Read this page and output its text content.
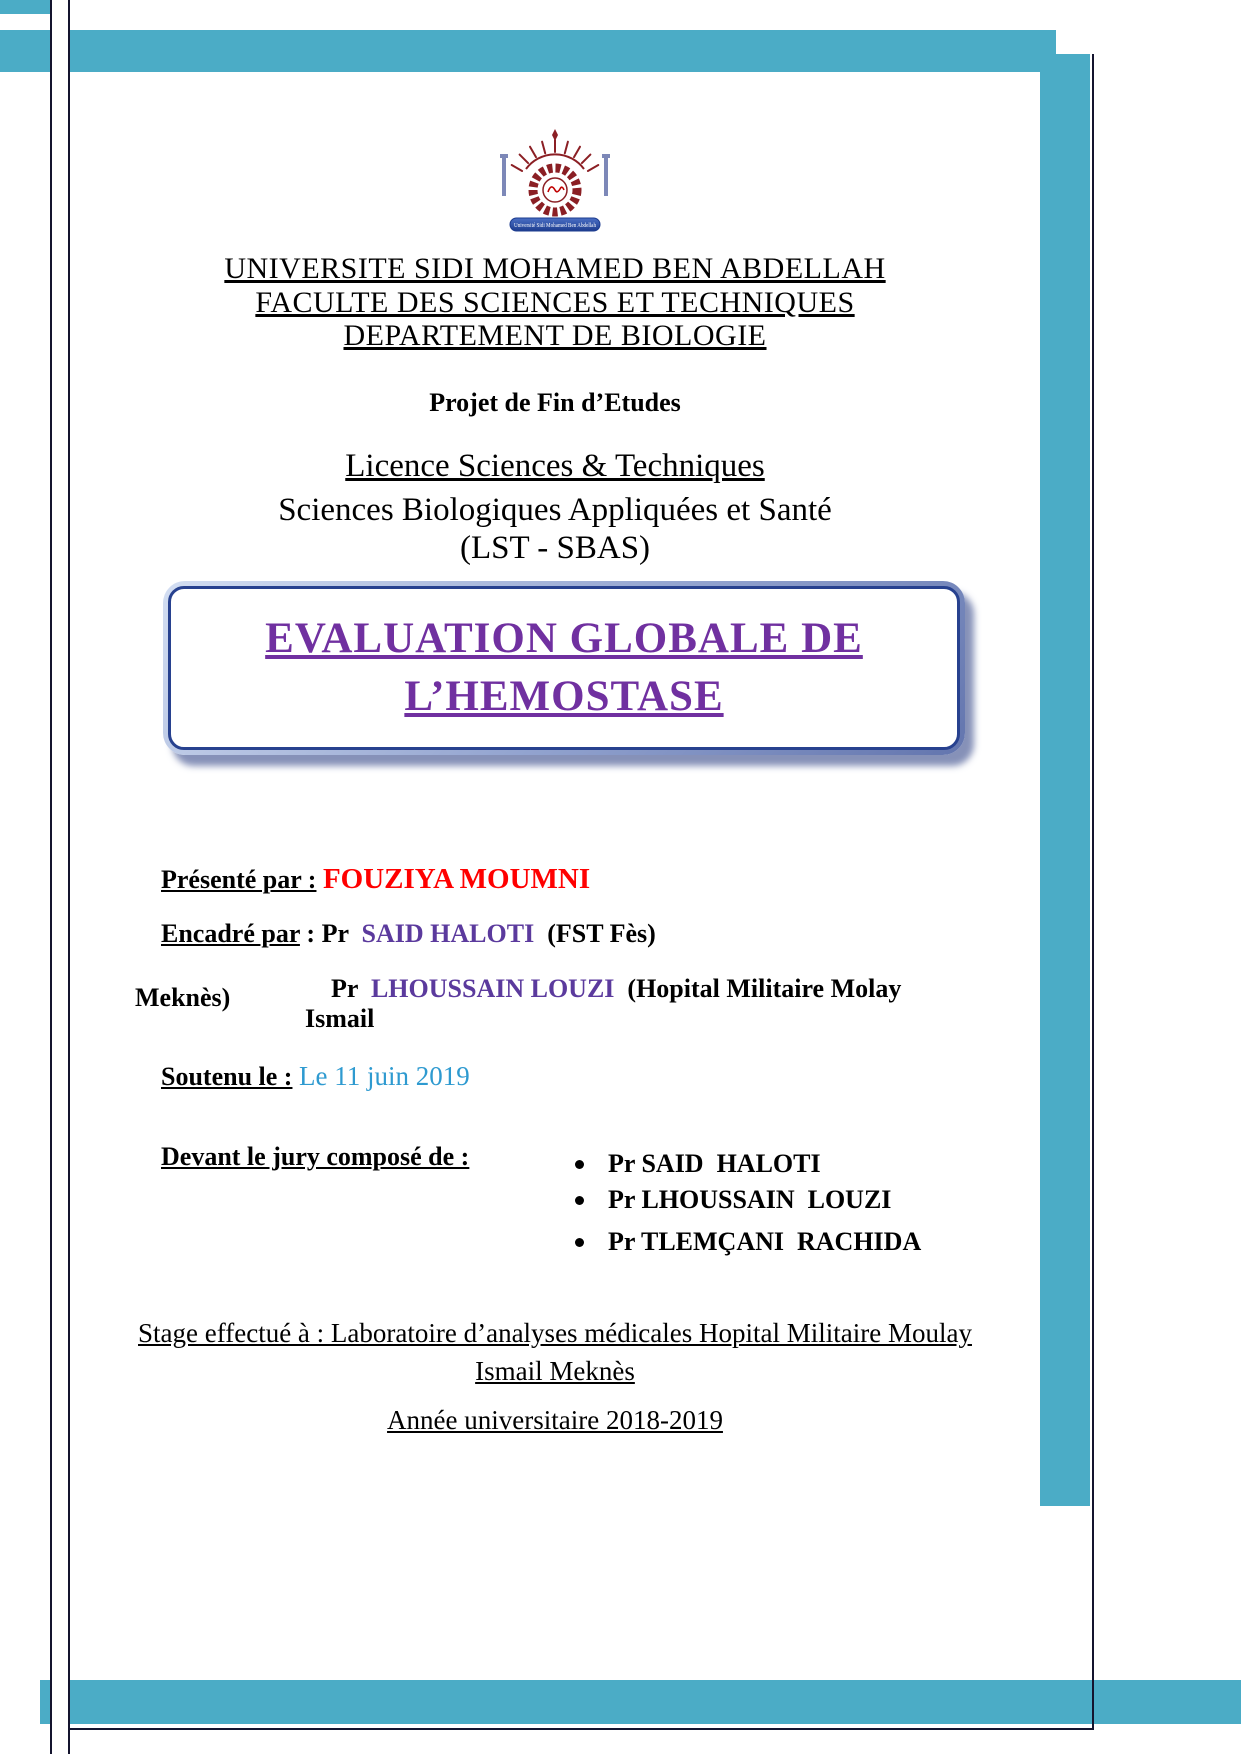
Université Sidi Mohamed Ben Abdellah
UNIVERSITE SIDI MOHAMED BEN ABDELLAH
FACULTE DES SCIENCES ET TECHNIQUES
DEPARTEMENT DE BIOLOGIE
Projet de Fin d’Etudes
Licence Sciences & Techniques
Sciences Biologiques Appliquées et Santé
(LST - SBAS)
EVALUATION GLOBALE DE
L’HEMOSTASE

Présenté par : FOUZIYA MOUMNI

Encadré par : Pr  SAID HALOTI  (FST Fès)

Pr  LHOUSSAIN LOUZI  (Hopital Militaire Molay Ismail

Meknès)

Soutenu le : Le 11 juin 2019

Devant le jury composé de :
	Pr SAID  HALOTI
Pr LHOUSSAIN  LOUZI
Pr TLEMÇANI  RACHIDA
Stage effectué à : Laboratoire d’analyses médicales Hopital Militaire Moulay
Ismail Meknès
Année universitaire 2018-2019
